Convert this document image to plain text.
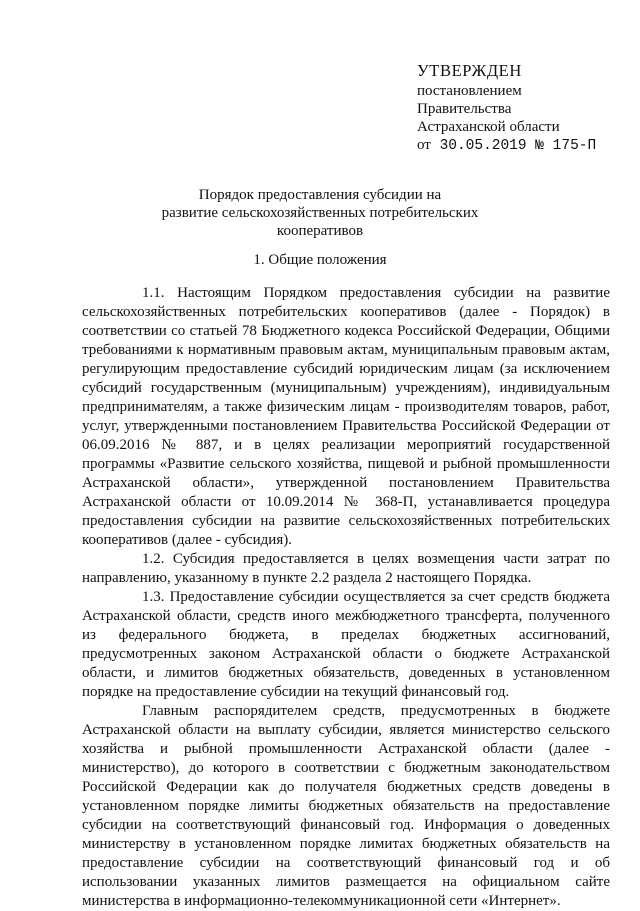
УТВЕРЖДЕН
постановлением
Правительства
Астраханской области
от 30.05.2019 № 175-П
Порядок предоставления субсидии на
развитие сельскохозяйственных потребительских кооперативов
1. Общие положения

1.1. Настоящим Порядком предоставления субсидии на развитие сельскохозяйственных потребительских кооперативов (далее - Порядок) в соответствии со статьей 78 Бюджетного кодекса Российской Федерации, Общими требованиями к нормативным правовым актам, муниципальным правовым актам, регулирующим предоставление субсидий юридическим лицам (за исключением субсидий государственным (муниципальным) учреждениям), индивидуальным предпринимателям, а также физическим лицам - производителям товаров, работ, услуг, утвержденными постановлением Правительства Российской Федерации от 06.09.2016 № 887, и в целях реализации мероприятий государственной программы «Развитие сельского хозяйства, пищевой и рыбной промышленности Астраханской области», утвержденной постановлением Правительства Астраханской области от 10.09.2014 № 368-П, устанавливается процедура предоставления субсидии на развитие сельскохозяйственных потребительских кооперативов (далее - субсидия).

1.2. Субсидия предоставляется в целях возмещения части затрат по направлению, указанному в пункте 2.2 раздела 2 настоящего Порядка.

1.3. Предоставление субсидии осуществляется за счет средств бюджета Астраханской области, средств иного межбюджетного трансферта, полученного из федерального бюджета, в пределах бюджетных ассигнований, предусмотренных законом Астраханской области о бюджете Астраханской области, и лимитов бюджетных обязательств, доведенных в установленном порядке на предоставление субсидии на текущий финансовый год.

Главным распорядителем средств, предусмотренных в бюджете Астраханской области на выплату субсидии, является министерство сельского хозяйства и рыбной промышленности Астраханской области (далее - министерство), до которого в соответствии с бюджетным законодательством Российской Федерации как до получателя бюджетных средств доведены в установленном порядке лимиты бюджетных обязательств на предоставление субсидии на соответствующий финансовый год. Информация о доведенных министерству в установленном порядке лимитах бюджетных обязательств на предоставление субсидии на соответствующий финансовый год и об использовании указанных лимитов размещается на официальном сайте министерства в информационно-телекоммуникационной сети «Интернет».
